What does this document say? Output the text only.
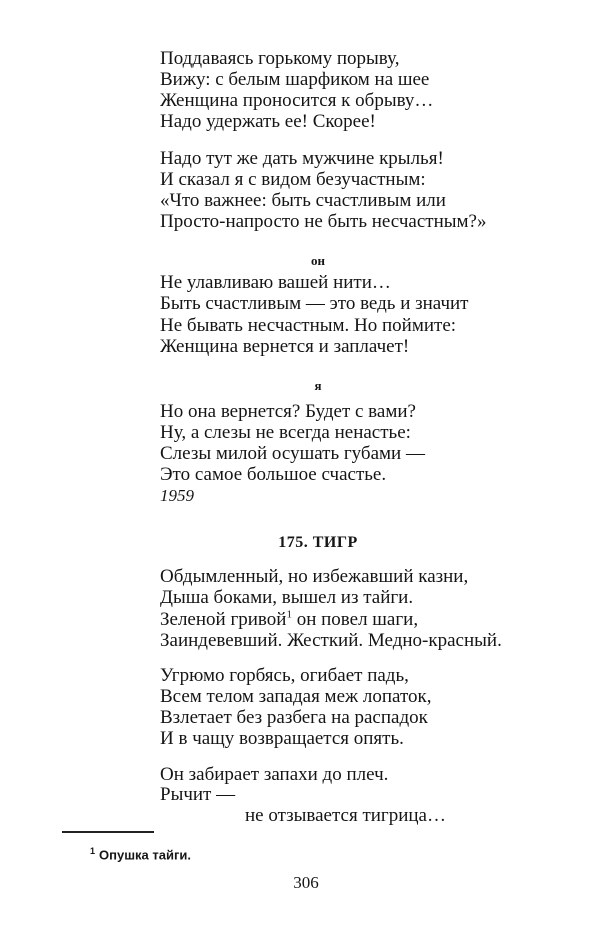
Поддаваясь горькому порыву,
Вижу: с белым шарфиком на шее
Женщина проносится к обрыву…
Надо удержать ее! Скорее!
Надо тут же дать мужчине крылья!
И сказал я с видом безучастным:
«Что важнее: быть счастливым или
Просто-напросто не быть несчастным?»
он
Не улавливаю вашей нити…
Быть счастливым — это ведь и значит
Не бывать несчастным. Но поймите:
Женщина вернется и заплачет!
я
Но она вернется? Будет с вами?
Ну, а слезы не всегда ненастье:
Слезы милой осушать губами —
Это самое большое счастье.
1959
175. ТИГР
Обдымленный, но избежавший казни,
Дыша боками, вышел из тайги.
Зеленой гривой$^1$ он повел шаги,
Заиндевевший. Жесткий. Медно-красный.
Угрюмо горбясь, огибает падь,
Всем телом западая меж лопаток,
Взлетает без разбега на распадок
И в чащу возвращается опять.
Он забирает запахи до плеч.
Рычит —
не отзывается тигрица…
$^1$ Опушка тайги.
306
